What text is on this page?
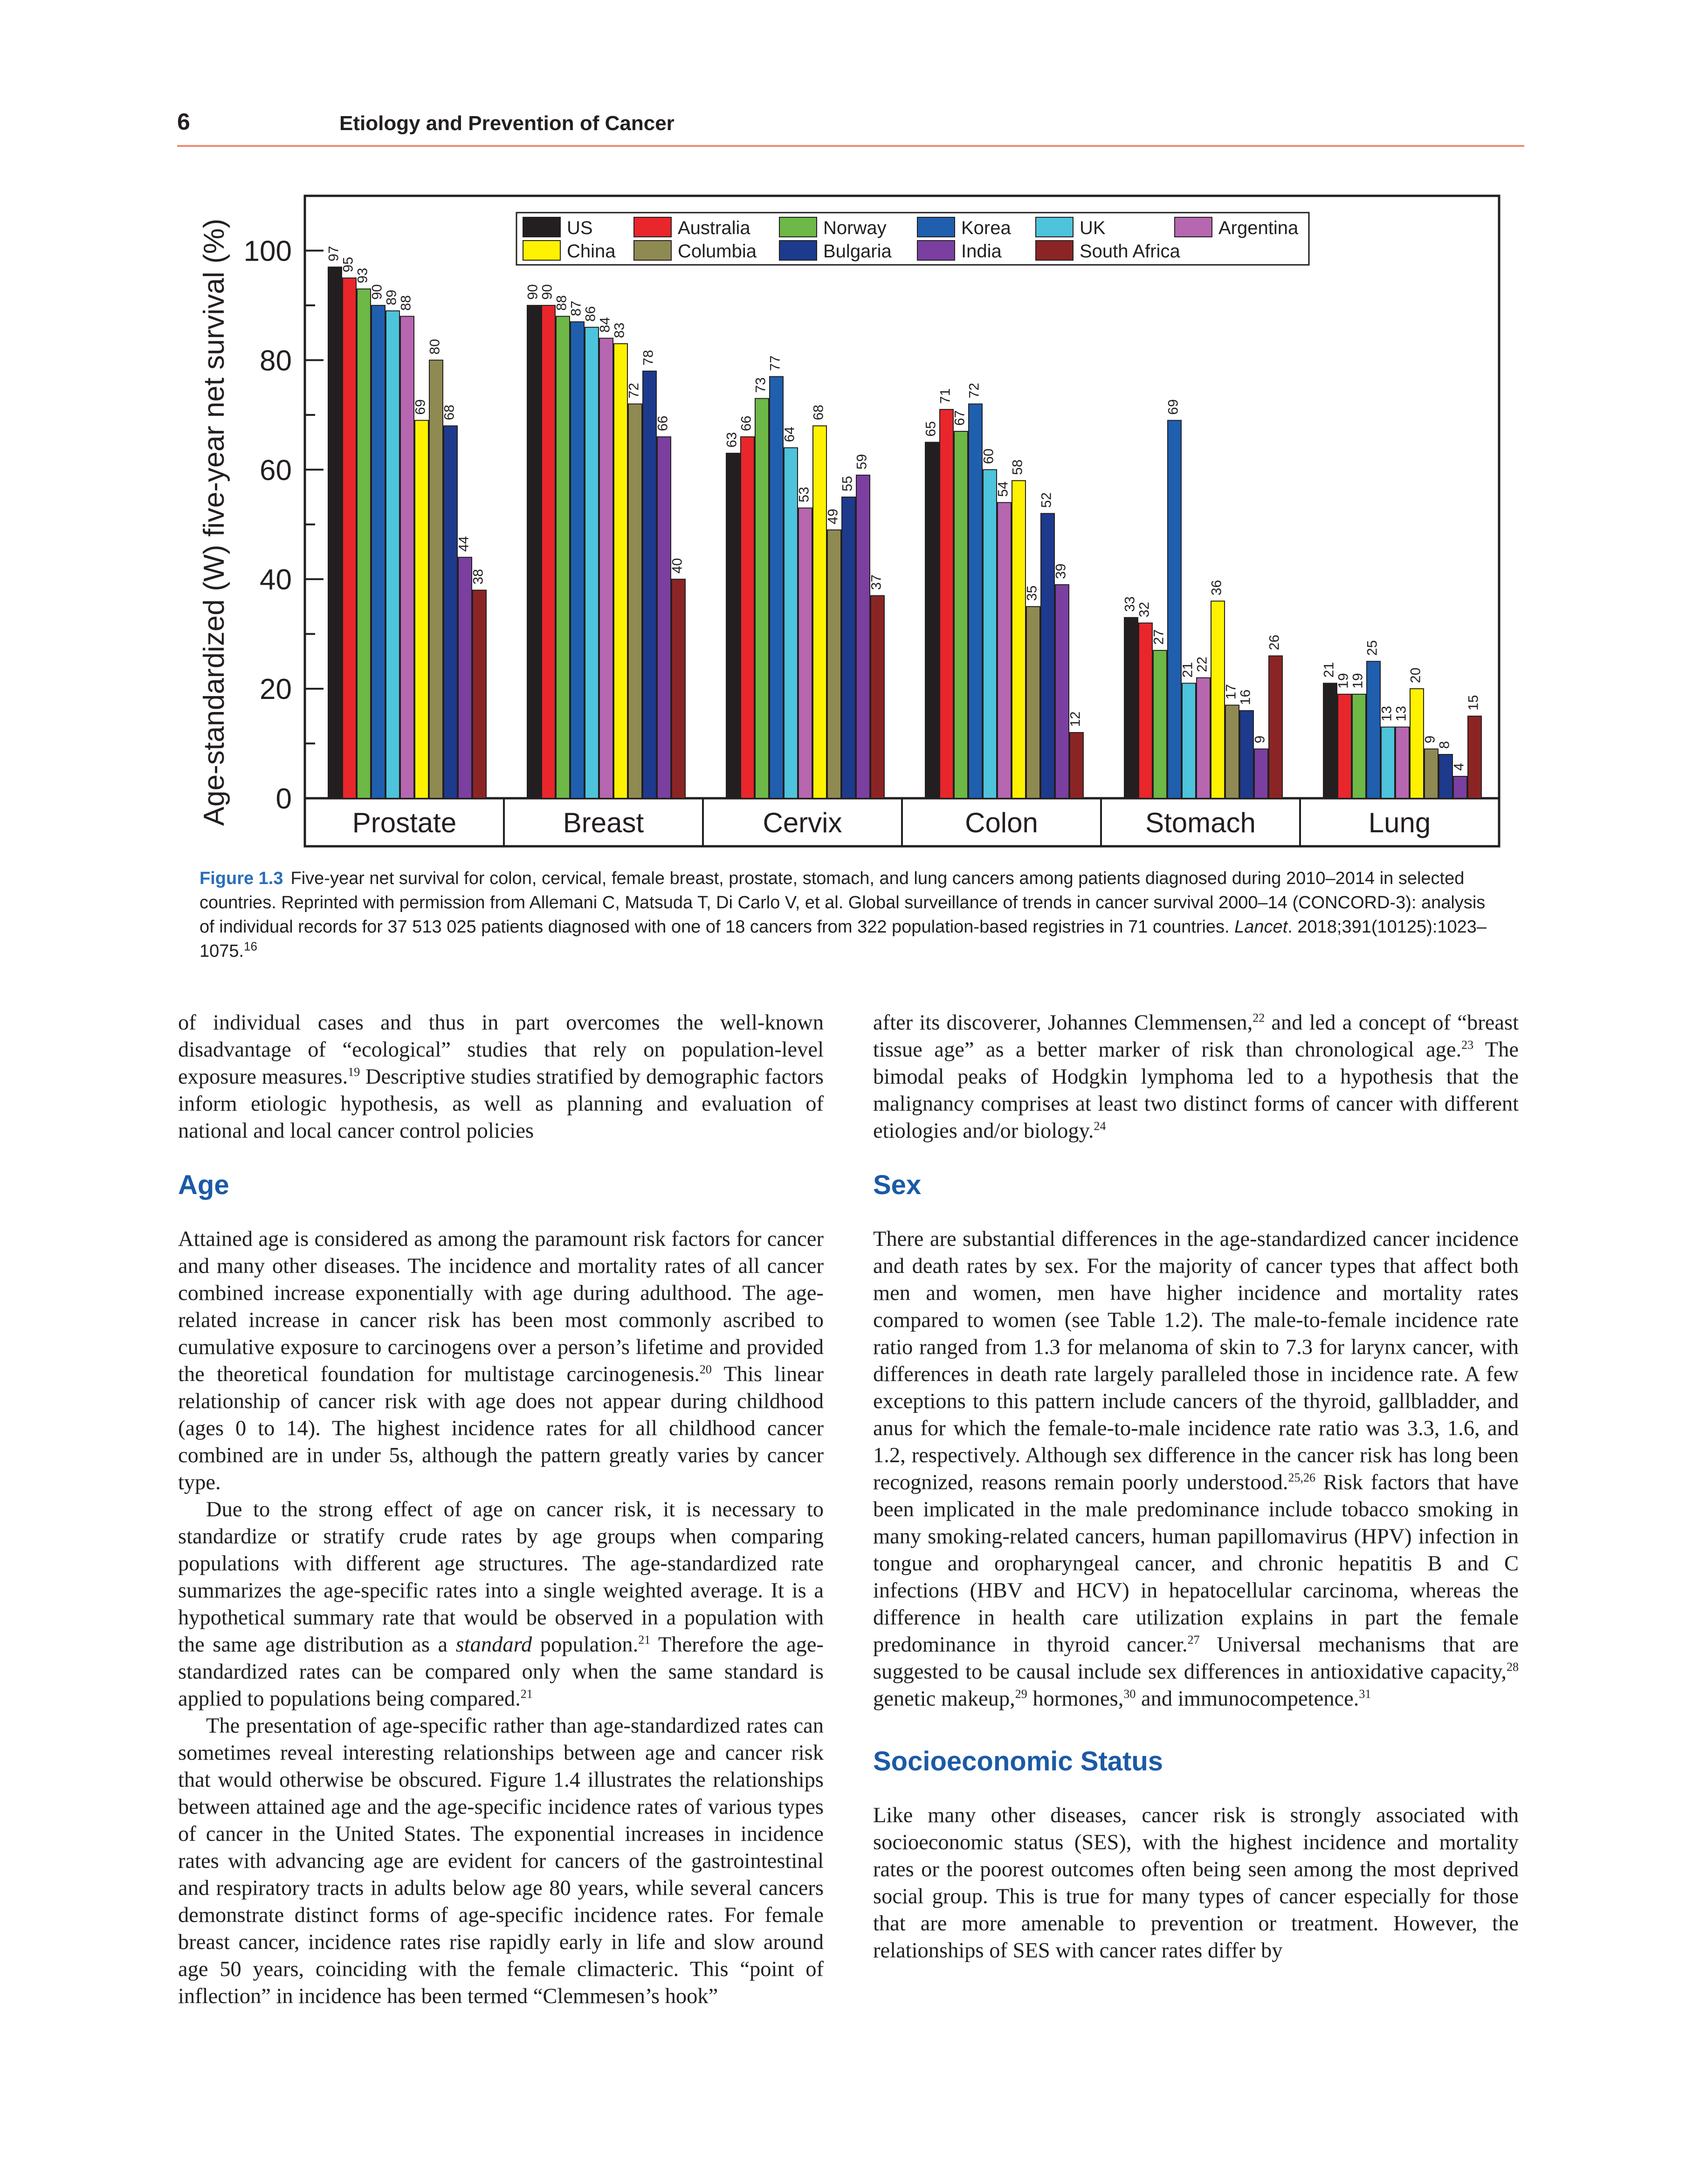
6	Etiology and Prevention of Cancer
Age-standardized (W) five-year net survival (%) 0
20
40
60
80
100 97
95
93
90
89
88
69
80
68
44
38
90
90
88
87
86
84
83
72
78
66
40
63
66
73
77
64
53
68
49
55
59
37
65
71
67
72
60
54
58
35
52
39
12
33
32
27
69
21
22
36
17
16
9
26
21
19
19
25
13
13
20
9
8
4
15
Prostate	Breast	Cervix	Colon	Stomach	Lung
US	Australia	Norway	Korea	UK	Argentina
China	Columbia	Bulgaria	India	South Africa
Figure 1.3 Five-year net survival for colon, cervical, female breast, prostate, stomach, and lung cancers among patients diagnosed during 2010–2014 in selected countries. Reprinted with permission from Allemani C, Matsuda T, Di Carlo V, et al. Global surveillance of trends in cancer survival 2000–14 (CONCORD-3): analysis of individual records for 37 513 025 patients diagnosed with one of 18 cancers from 322 population-based registries in 71 countries. Lancet. 2018;391(10125):1023–1075.16

of individual cases and thus in part overcomes the well-known disadvantage of “ecological” studies that rely on population-level exposure measures.$^{19}$ Descriptive studies stratified by demographic factors inform etiologic hypothesis, as well as planning and evaluation of national and local cancer control policies

Age

Attained age is considered as among the paramount risk factors for cancer and many other diseases. The incidence and mortality rates of all cancer combined increase exponentially with age during adulthood. The age-related increase in cancer risk has been most commonly ascribed to cumulative exposure to carcinogens over a person’s lifetime and provided the theoretical foundation for multistage carcinogenesis.$^{20}$ This linear relationship of cancer risk with age does not appear during childhood (ages 0 to 14). The highest incidence rates for all childhood cancer combined are in under 5s, although the pattern greatly varies by cancer type.

Due to the strong effect of age on cancer risk, it is necessary to standardize or stratify crude rates by age groups when comparing populations with different age structures. The age-standardized rate summarizes the age-specific rates into a single weighted average. It is a hypothetical summary rate that would be observed in a population with the same age distribution as a standard population.$^{21}$ Therefore the age-standardized rates can be compared only when the same standard is applied to populations being compared.$^{21}$

The presentation of age-specific rather than age-standardized rates can sometimes reveal interesting relationships between age and cancer risk that would otherwise be obscured. Figure 1.4 illustrates the relationships between attained age and the age-specific incidence rates of various types of cancer in the United States. The exponential increases in incidence rates with advancing age are evident for cancers of the gastrointestinal and respiratory tracts in adults below age 80 years, while several cancers demonstrate distinct forms of age-specific incidence rates. For female breast cancer, incidence rates rise rapidly early in life and slow around age 50 years, coinciding with the female climacteric. This “point of inflection” in incidence has been termed “Clemmesen’s hook”

after its discoverer, Johannes Clemmensen,$^{22}$ and led a concept of “breast tissue age” as a better marker of risk than chronological age.$^{23}$ The bimodal peaks of Hodgkin lymphoma led to a hypothesis that the malignancy comprises at least two distinct forms of cancer with different etiologies and/or biology.$^{24}$

Sex

There are substantial differences in the age-standardized cancer incidence and death rates by sex. For the majority of cancer types that affect both men and women, men have higher incidence and mortality rates compared to women (see Table 1.2). The male-to-female incidence rate ratio ranged from 1.3 for melanoma of skin to 7.3 for larynx cancer, with differences in death rate largely paralleled those in incidence rate. A few exceptions to this pattern include cancers of the thyroid, gallbladder, and anus for which the female-to-male incidence rate ratio was 3.3, 1.6, and 1.2, respectively. Although sex difference in the cancer risk has long been recognized, reasons remain poorly understood.$^{25,26}$ Risk factors that have been implicated in the male predominance include tobacco smoking in many smoking-related cancers, human papillomavirus (HPV) infection in tongue and oropharyngeal cancer, and chronic hepatitis B and C infections (HBV and HCV) in hepatocellular carcinoma, whereas the difference in health care utilization explains in part the female predominance in thyroid cancer.$^{27}$ Universal mechanisms that are suggested to be causal include sex differences in antioxidative capacity,$^{28}$ genetic makeup,$^{29}$ hormones,$^{30}$ and immunocompetence.$^{31}$

Socioeconomic Status

Like many other diseases, cancer risk is strongly associated with socioeconomic status (SES), with the highest incidence and mortality rates or the poorest outcomes often being seen among the most deprived social group. This is true for many types of cancer especially for those that are more amenable to prevention or treatment. However, the relationships of SES with cancer rates differ by
